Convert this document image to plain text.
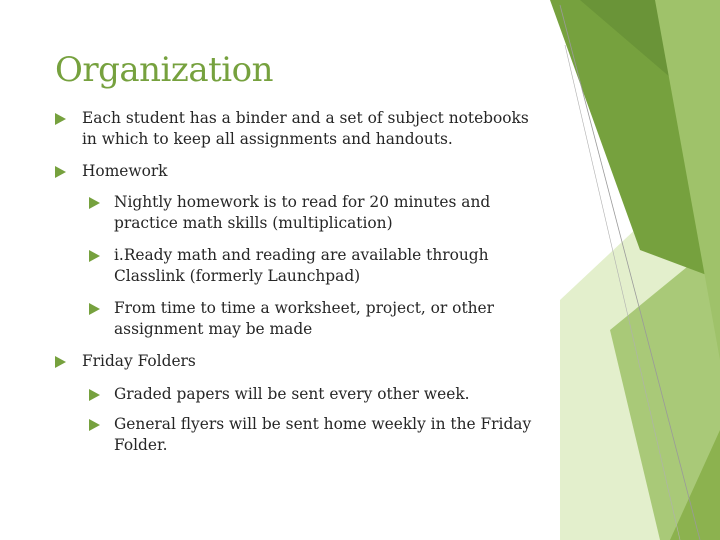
Organization
Each student has a binder and a set of subject notebooks in which to keep all assignments and handouts.
Homework
Nightly homework is to read for 20 minutes and practice math skills (multiplication)
i.Ready math and reading are available through Classlink (formerly Launchpad)
From time to time a worksheet, project, or other assignment may be made
Friday Folders
Graded papers will be sent every other week.
General flyers will be sent home weekly in the Friday Folder.
